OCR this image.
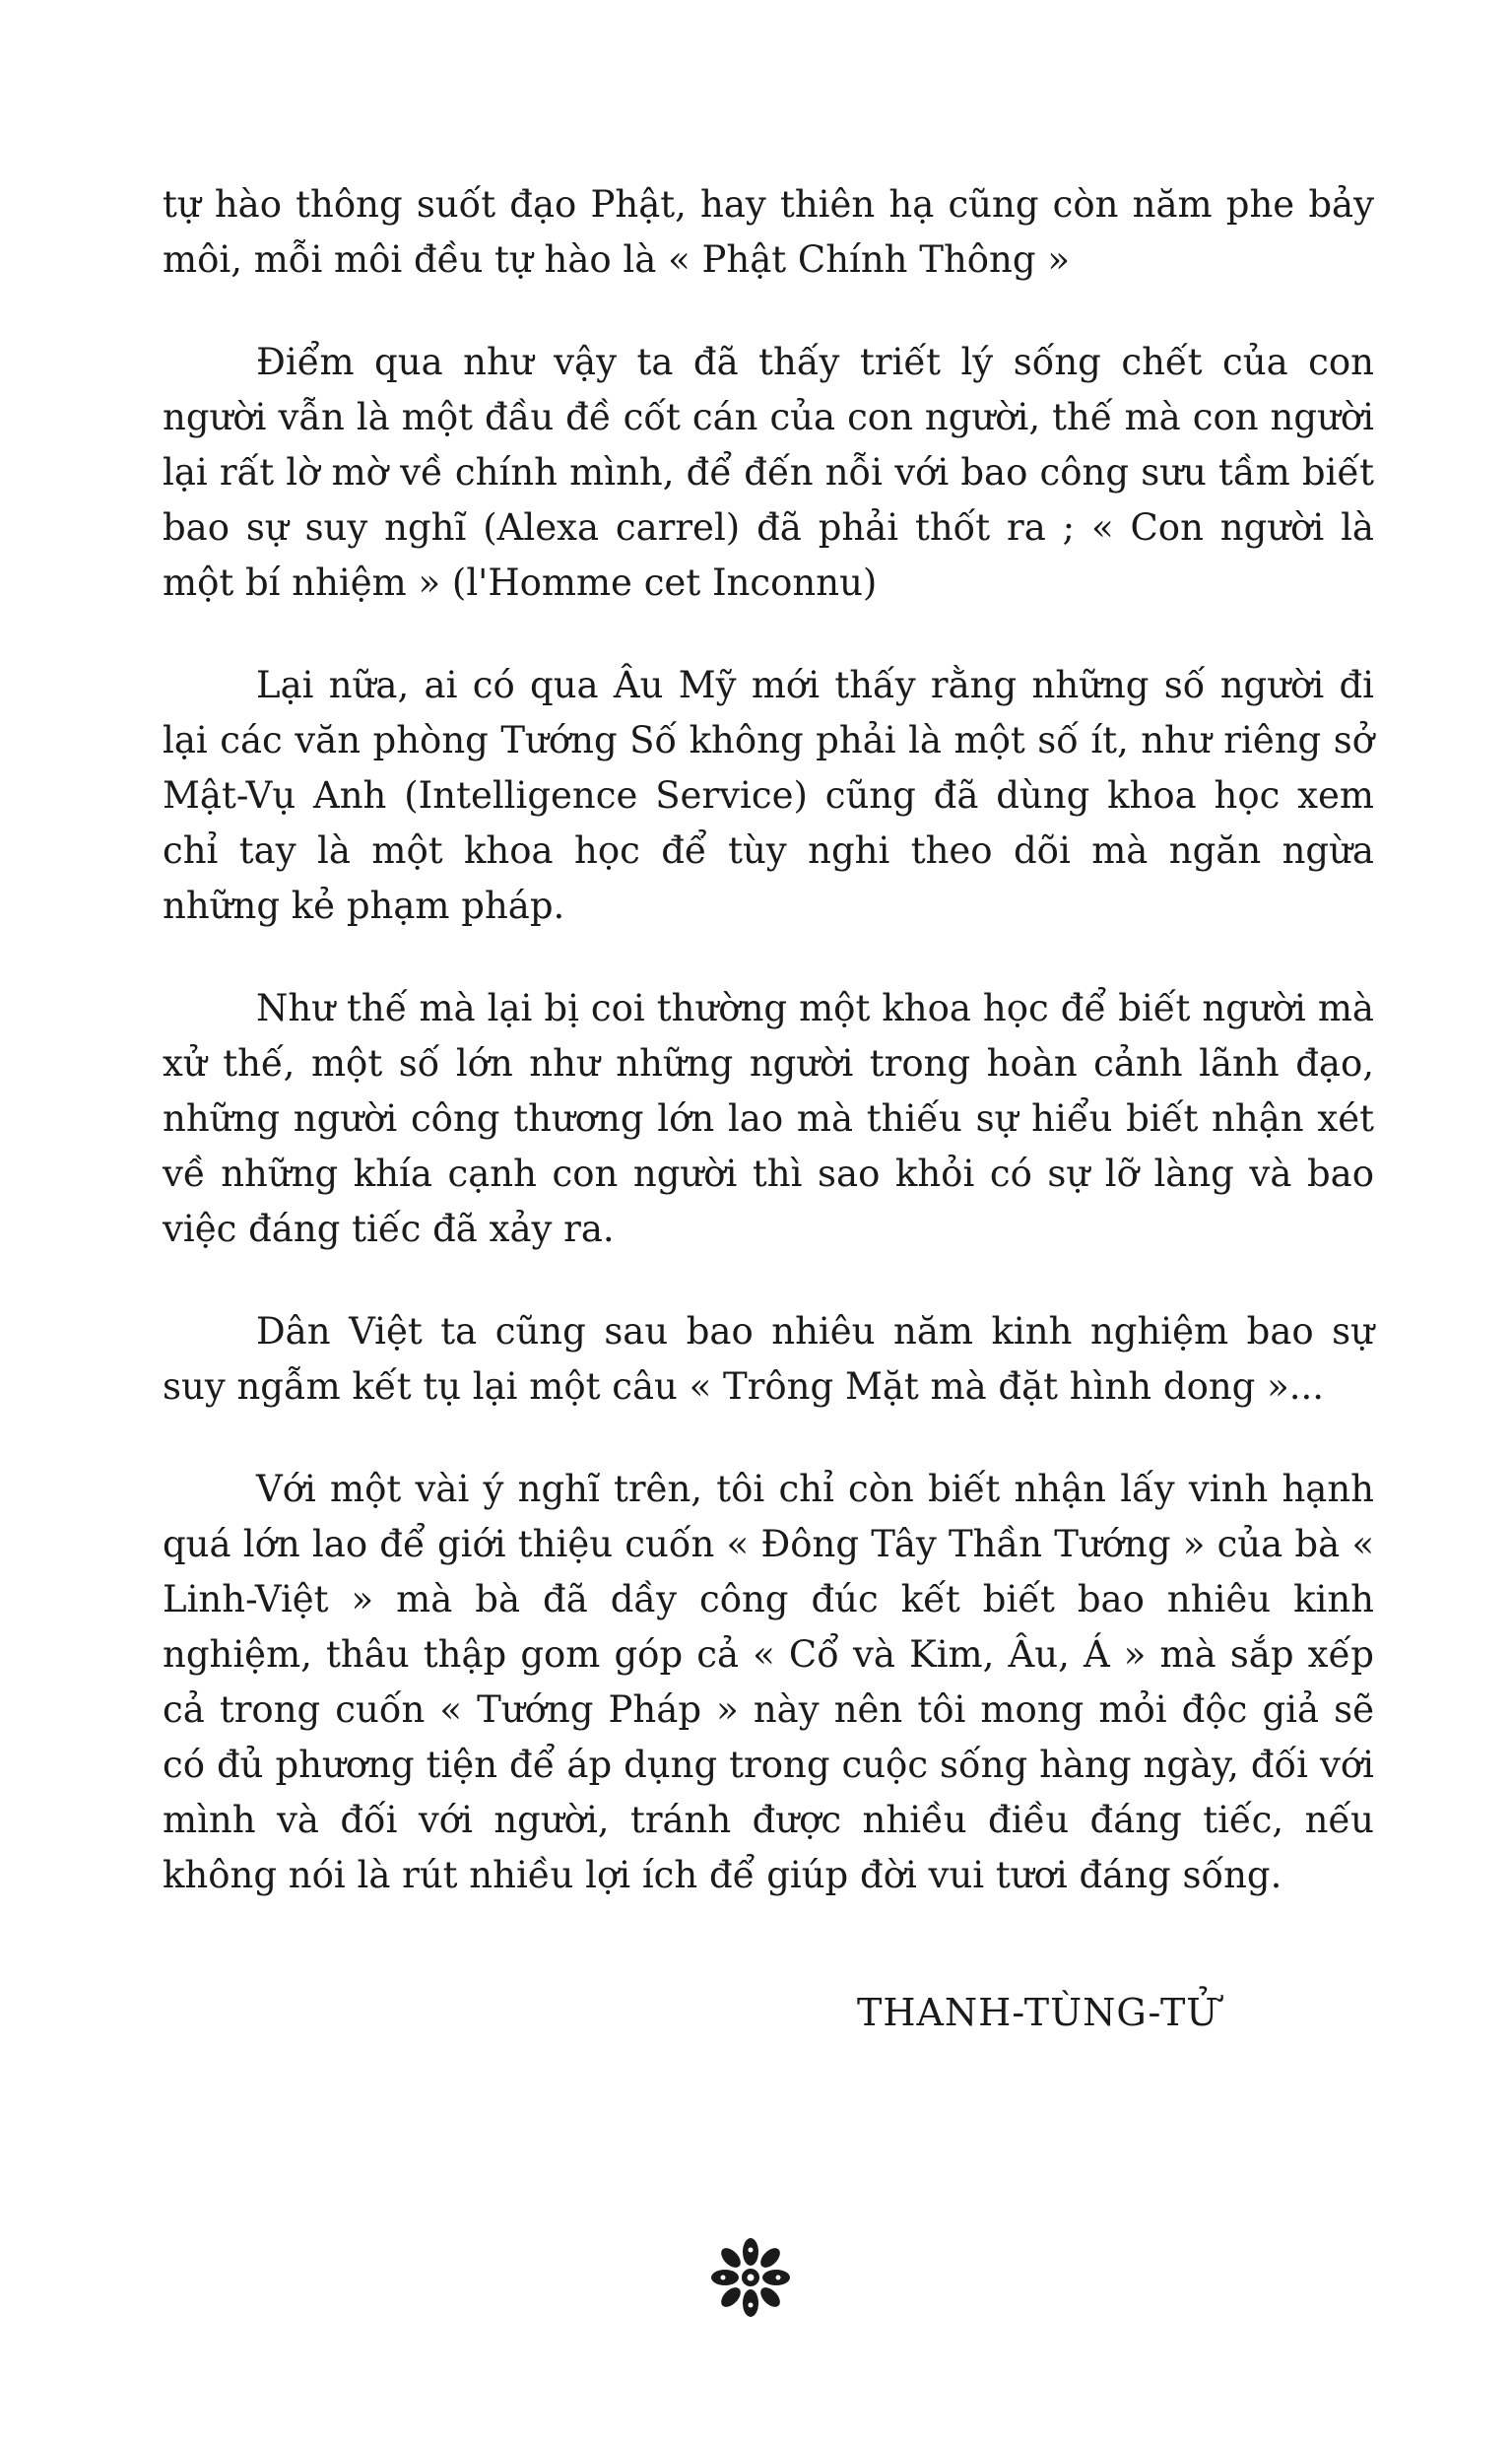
tự hào thông suốt đạo Phật, hay thiên hạ cũng còn năm phe bảy môi, mỗi môi đều tự hào là « Phật Chính Thông »

Điểm qua như vậy ta đã thấy triết lý sống chết của con người vẫn là một đầu đề cốt cán của con người, thế mà con người lại rất lờ mờ về chính mình, để đến nỗi với bao công sưu tầm biết bao sự suy nghĩ (Alexa carrel) đã phải thốt ra ; « Con người là một bí nhiệm » (l'Homme cet Inconnu)

Lại nữa, ai có qua Âu Mỹ mới thấy rằng những số người đi lại các văn phòng Tướng Số không phải là một số ít, như riêng sở Mật-Vụ Anh (Intelligence Service) cũng đã dùng khoa học xem chỉ tay là một khoa học để tùy nghi theo dõi mà ngăn ngừa những kẻ phạm pháp.

Như thế mà lại bị coi thường một khoa học để biết người mà xử thế, một số lớn như những người trong hoàn cảnh lãnh đạo, những người công thương lớn lao mà thiếu sự hiểu biết nhận xét về những khía cạnh con người thì sao khỏi có sự lỡ làng và bao việc đáng tiếc đã xảy ra.

Dân Việt ta cũng sau bao nhiêu năm kinh nghiệm bao sự suy ngẫm kết tụ lại một câu « Trông Mặt mà đặt hình dong »...

Với một vài ý nghĩ trên, tôi chỉ còn biết nhận lấy vinh hạnh quá lớn lao để giới thiệu cuốn « Đông Tây Thần Tướng » của bà « Linh-Việt » mà bà đã dầy công đúc kết biết bao nhiêu kinh nghiệm, thâu thập gom góp cả « Cổ và Kim, Âu, Á » mà sắp xếp cả trong cuốn « Tướng Pháp » này nên tôi mong mỏi độc giả sẽ có đủ phương tiện để áp dụng trong cuộc sống hàng ngày, đối với mình và đối với người, tránh được nhiều điều đáng tiếc, nếu không nói là rút nhiều lợi ích để giúp đời vui tươi đáng sống.

THANH-TÙNG-TỬ
